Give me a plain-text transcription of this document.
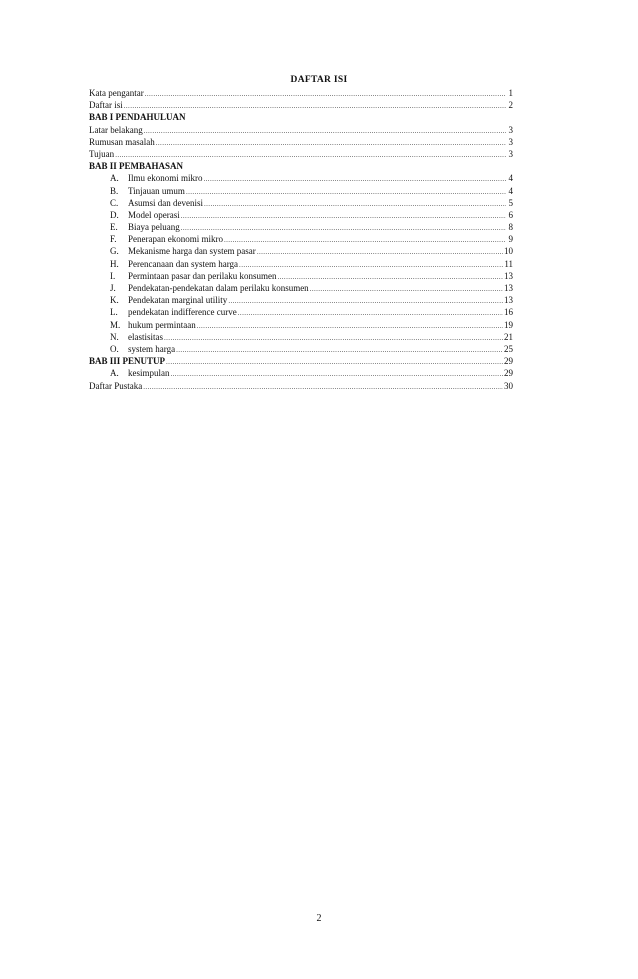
DAFTAR ISI
Kata pengantar .....	1
Daftar isi .....	2
BAB I PENDAHULUAN
Latar belakang .....	3
Rumusan masalah .....	3
Tujuan .....	3
BAB II PEMBAHASAN
A.	Ilmu ekonomi mikro .....	4
B.	Tinjauan umum .....	4
C.	Asumsi dan devenisi .....	5
D.	Model operasi .....	6
E.	Biaya peluang .....	8
F.	Penerapan ekonomi mikro .....	9
G.	Mekanisme harga dan system pasar .....	10
H.	Perencanaan dan system harga .....	11
I.	Permintaan pasar dan perilaku konsumen .....	13
J.	Pendekatan-pendekatan dalam perilaku konsumen .....	13
K.	Pendekatan marginal utility .....	13
L.	pendekatan indifference curve .....	16
M. hukum permintaan .....	19
N.	elastisitas .....	21
O.	system harga .....	25
BAB III PENUTUP .....	29
A.	kesimpulan .....	29
Daftar Pustaka .....	30
2
